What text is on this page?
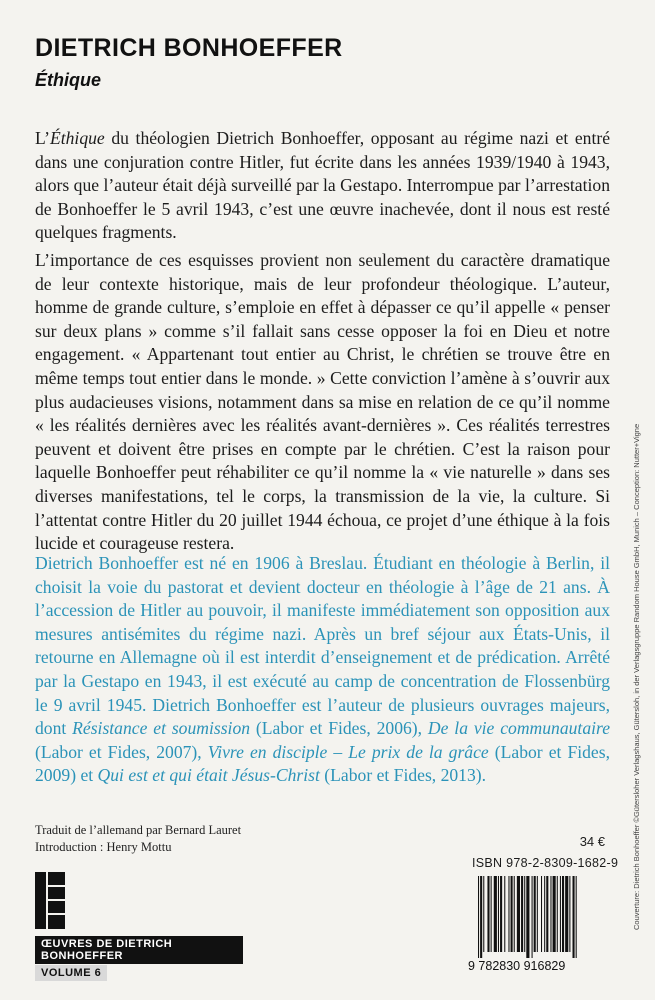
DIETRICH BONHOEFFER
Éthique

L’Éthique du théologien Dietrich Bonhoeffer, opposant au régime nazi et entré dans une conjuration contre Hitler, fut écrite dans les années 1939/1940 à 1943, alors que l’auteur était déjà surveillé par la Gestapo. Interrompue par l’arrestation de Bonhoeffer le 5 avril 1943, c’est une œuvre inachevée, dont il nous est resté quelques fragments.

L’importance de ces esquisses provient non seulement du caractère dramatique de leur contexte historique, mais de leur profondeur théologique. L’auteur, homme de grande culture, s’emploie en effet à dépasser ce qu’il appelle « penser sur deux plans » comme s’il fallait sans cesse opposer la foi en Dieu et notre engagement. « Appartenant tout entier au Christ, le chrétien se trouve être en même temps tout entier dans le monde. » Cette conviction l’amène à s’ouvrir aux plus audacieuses visions, notamment dans sa mise en relation de ce qu’il nomme « les réalités dernières avec les réalités avant-dernières ». Ces réalités terrestres peuvent et doivent être prises en compte par le chrétien. C’est la raison pour laquelle Bonhoeffer peut réhabiliter ce qu’il nomme la « vie naturelle » dans ses diverses manifestations, tel le corps, la transmission de la vie, la culture. Si l’attentat contre Hitler du 20 juillet 1944 échoua, ce projet d’une éthique à la fois lucide et courageuse restera.

Dietrich Bonhoeffer est né en 1906 à Breslau. Étudiant en théologie à Berlin, il choisit la voie du pastorat et devient docteur en théologie à l’âge de 21 ans. À l’accession de Hitler au pouvoir, il manifeste immédiatement son opposition aux mesures antisémites du régime nazi. Après un bref séjour aux États-Unis, il retourne en Allemagne où il est interdit d’enseignement et de prédication. Arrêté par la Gestapo en 1943, il est exécuté au camp de concentration de Flossenbürg le 9 avril 1945. Dietrich Bonhoeffer est l’auteur de plusieurs ouvrages majeurs, dont Résistance et soumission (Labor et Fides, 2006), De la vie communautaire (Labor et Fides, 2007), Vivre en disciple – Le prix de la grâce (Labor et Fides, 2009) et Qui est et qui était Jésus-Christ (Labor et Fides, 2013).
Traduit de l’allemand par Bernard Lauret
Introduction : Henry Mottu
ŒUVRES DE DIETRICH BONHOEFFER
VOLUME 6
34 €
ISBN 978-2-8309-1682-9
9 782830 916829
Couverture: Dietrich Bonhoeffer ©Gütersloher Verlagshaus, Gütersloh, in der Verlagsgruppe Random House GmbH, Munich – Conception: Nutter+Vigne
